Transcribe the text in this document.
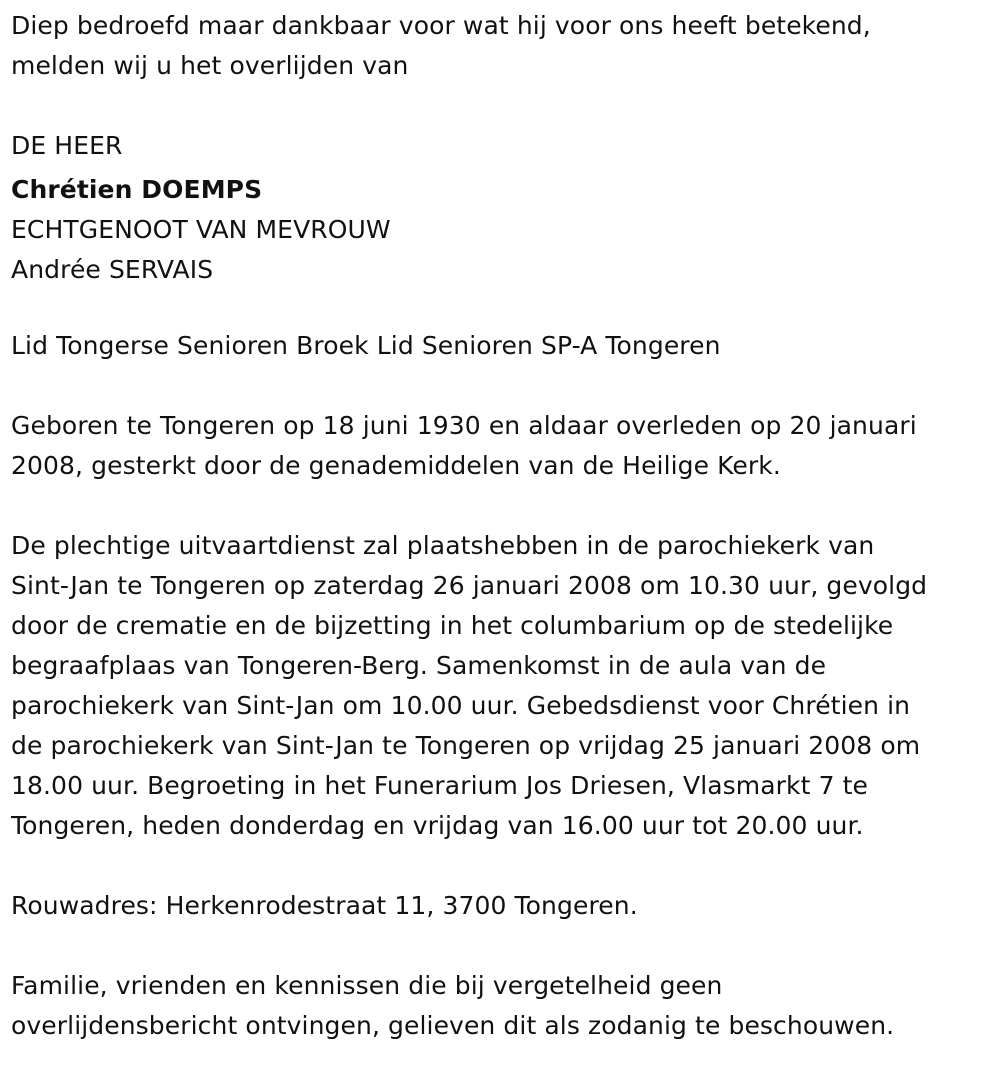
Diep bedroefd maar dankbaar voor wat hij voor ons heeft betekend,
melden wij u het overlijden van
DE HEER
Chrétien DOEMPS
ECHTGENOOT VAN MEVROUW
Andrée SERVAIS
Lid Tongerse Senioren Broek Lid Senioren SP-A Tongeren
Geboren te Tongeren op 18 juni 1930 en aldaar overleden op 20 januari
2008, gesterkt door de genademiddelen van de Heilige Kerk.
De plechtige uitvaartdienst zal plaatshebben in de parochiekerk van
Sint-Jan te Tongeren op zaterdag 26 januari 2008 om 10.30 uur, gevolgd
door de crematie en de bijzetting in het columbarium op de stedelijke
begraafplaas van Tongeren-Berg. Samenkomst in de aula van de
parochiekerk van Sint-Jan om 10.00 uur. Gebedsdienst voor Chrétien in
de parochiekerk van Sint-Jan te Tongeren op vrijdag 25 januari 2008 om
18.00 uur. Begroeting in het Funerarium Jos Driesen, Vlasmarkt 7 te
Tongeren, heden donderdag en vrijdag van 16.00 uur tot 20.00 uur.
Rouwadres: Herkenrodestraat 11, 3700 Tongeren.
Familie, vrienden en kennissen die bij vergetelheid geen
overlijdensbericht ontvingen, gelieven dit als zodanig te beschouwen.
